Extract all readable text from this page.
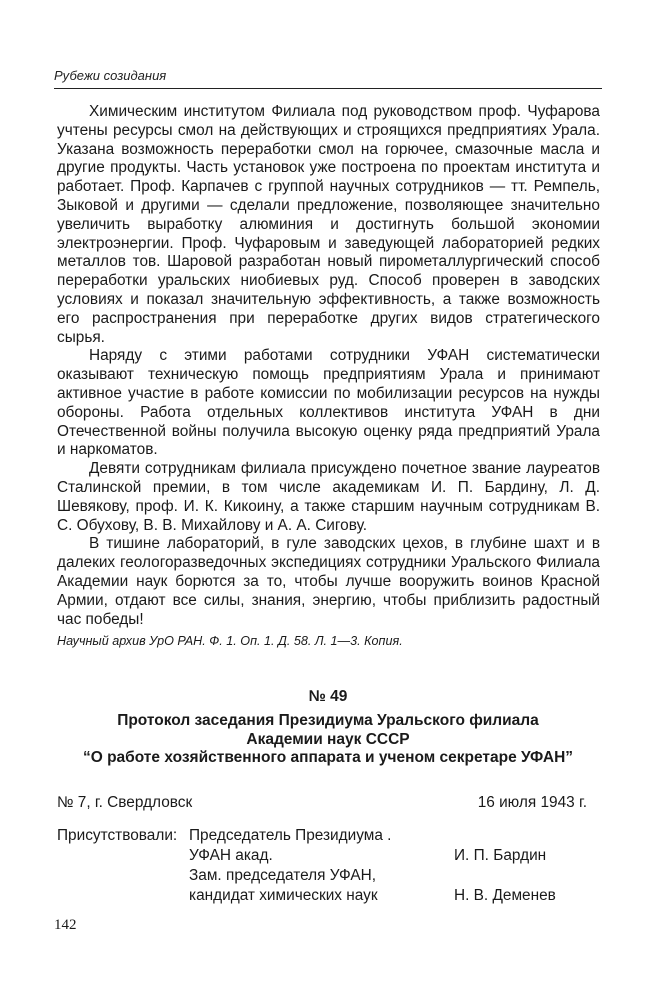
Рубежи созидания

Химическим институтом Филиала под руководством проф. Чуфарова учтены ресурсы смол на действующих и строящихся предприятиях Урала. Указана возможность переработки смол на горючее, смазочные масла и другие продукты. Часть установок уже построена по проектам института и работает. Проф. Карпачев с группой научных сотрудников — тт. Ремпель, Зыковой и другими — сделали предложение, позволяющее значительно увеличить выработку алюминия и достигнуть большой экономии электроэнергии. Проф. Чуфаровым и заведующей лабораторией редких металлов тов. Шаровой разработан новый пирометаллургический способ переработки уральских ниобиевых руд. Способ проверен в заводских условиях и показал значительную эффективность, а также возможность его распространения при переработке других видов стратегического сырья.

Наряду с этими работами сотрудники УФАН систематически оказывают техническую помощь предприятиям Урала и принимают активное участие в работе комиссии по мобилизации ресурсов на нужды обороны. Работа отдельных коллективов института УФАН в дни Отечественной войны получила высокую оценку ряда предприятий Урала и наркоматов.

Девяти сотрудникам филиала присуждено почетное звание лауреатов Сталинской премии, в том числе академикам И. П. Бардину, Л. Д. Шевякову, проф. И. К. Кикоину, а также старшим научным сотрудникам В. С. Обухову, В. В. Михайлову и А. А. Сигову.

В тишине лабораторий, в гуле заводских цехов, в глубине шахт и в далеких геологоразведочных экспедициях сотрудники Уральского Филиала Академии наук борются за то, чтобы лучше вооружить воинов Красной Армии, отдают все силы, знания, энергию, чтобы приблизить радостный час победы!

Научный архив УрО РАН. Ф. 1. Оп. 1. Д. 58. Л. 1—3. Копия.
№ 49
Протокол заседания Президиума Уральского филиала
Академии наук СССР
“О работе хозяйственного аппарата и ученом секретаре УФАН”
№ 7, г. Свердловск	16 июля 1943 г.
Присутствовали: Председатель Президиума .
УФАН акад.	И. П. Бардин
Зам. председателя УФАН,
кандидат химических наук	Н. В. Деменев
142
